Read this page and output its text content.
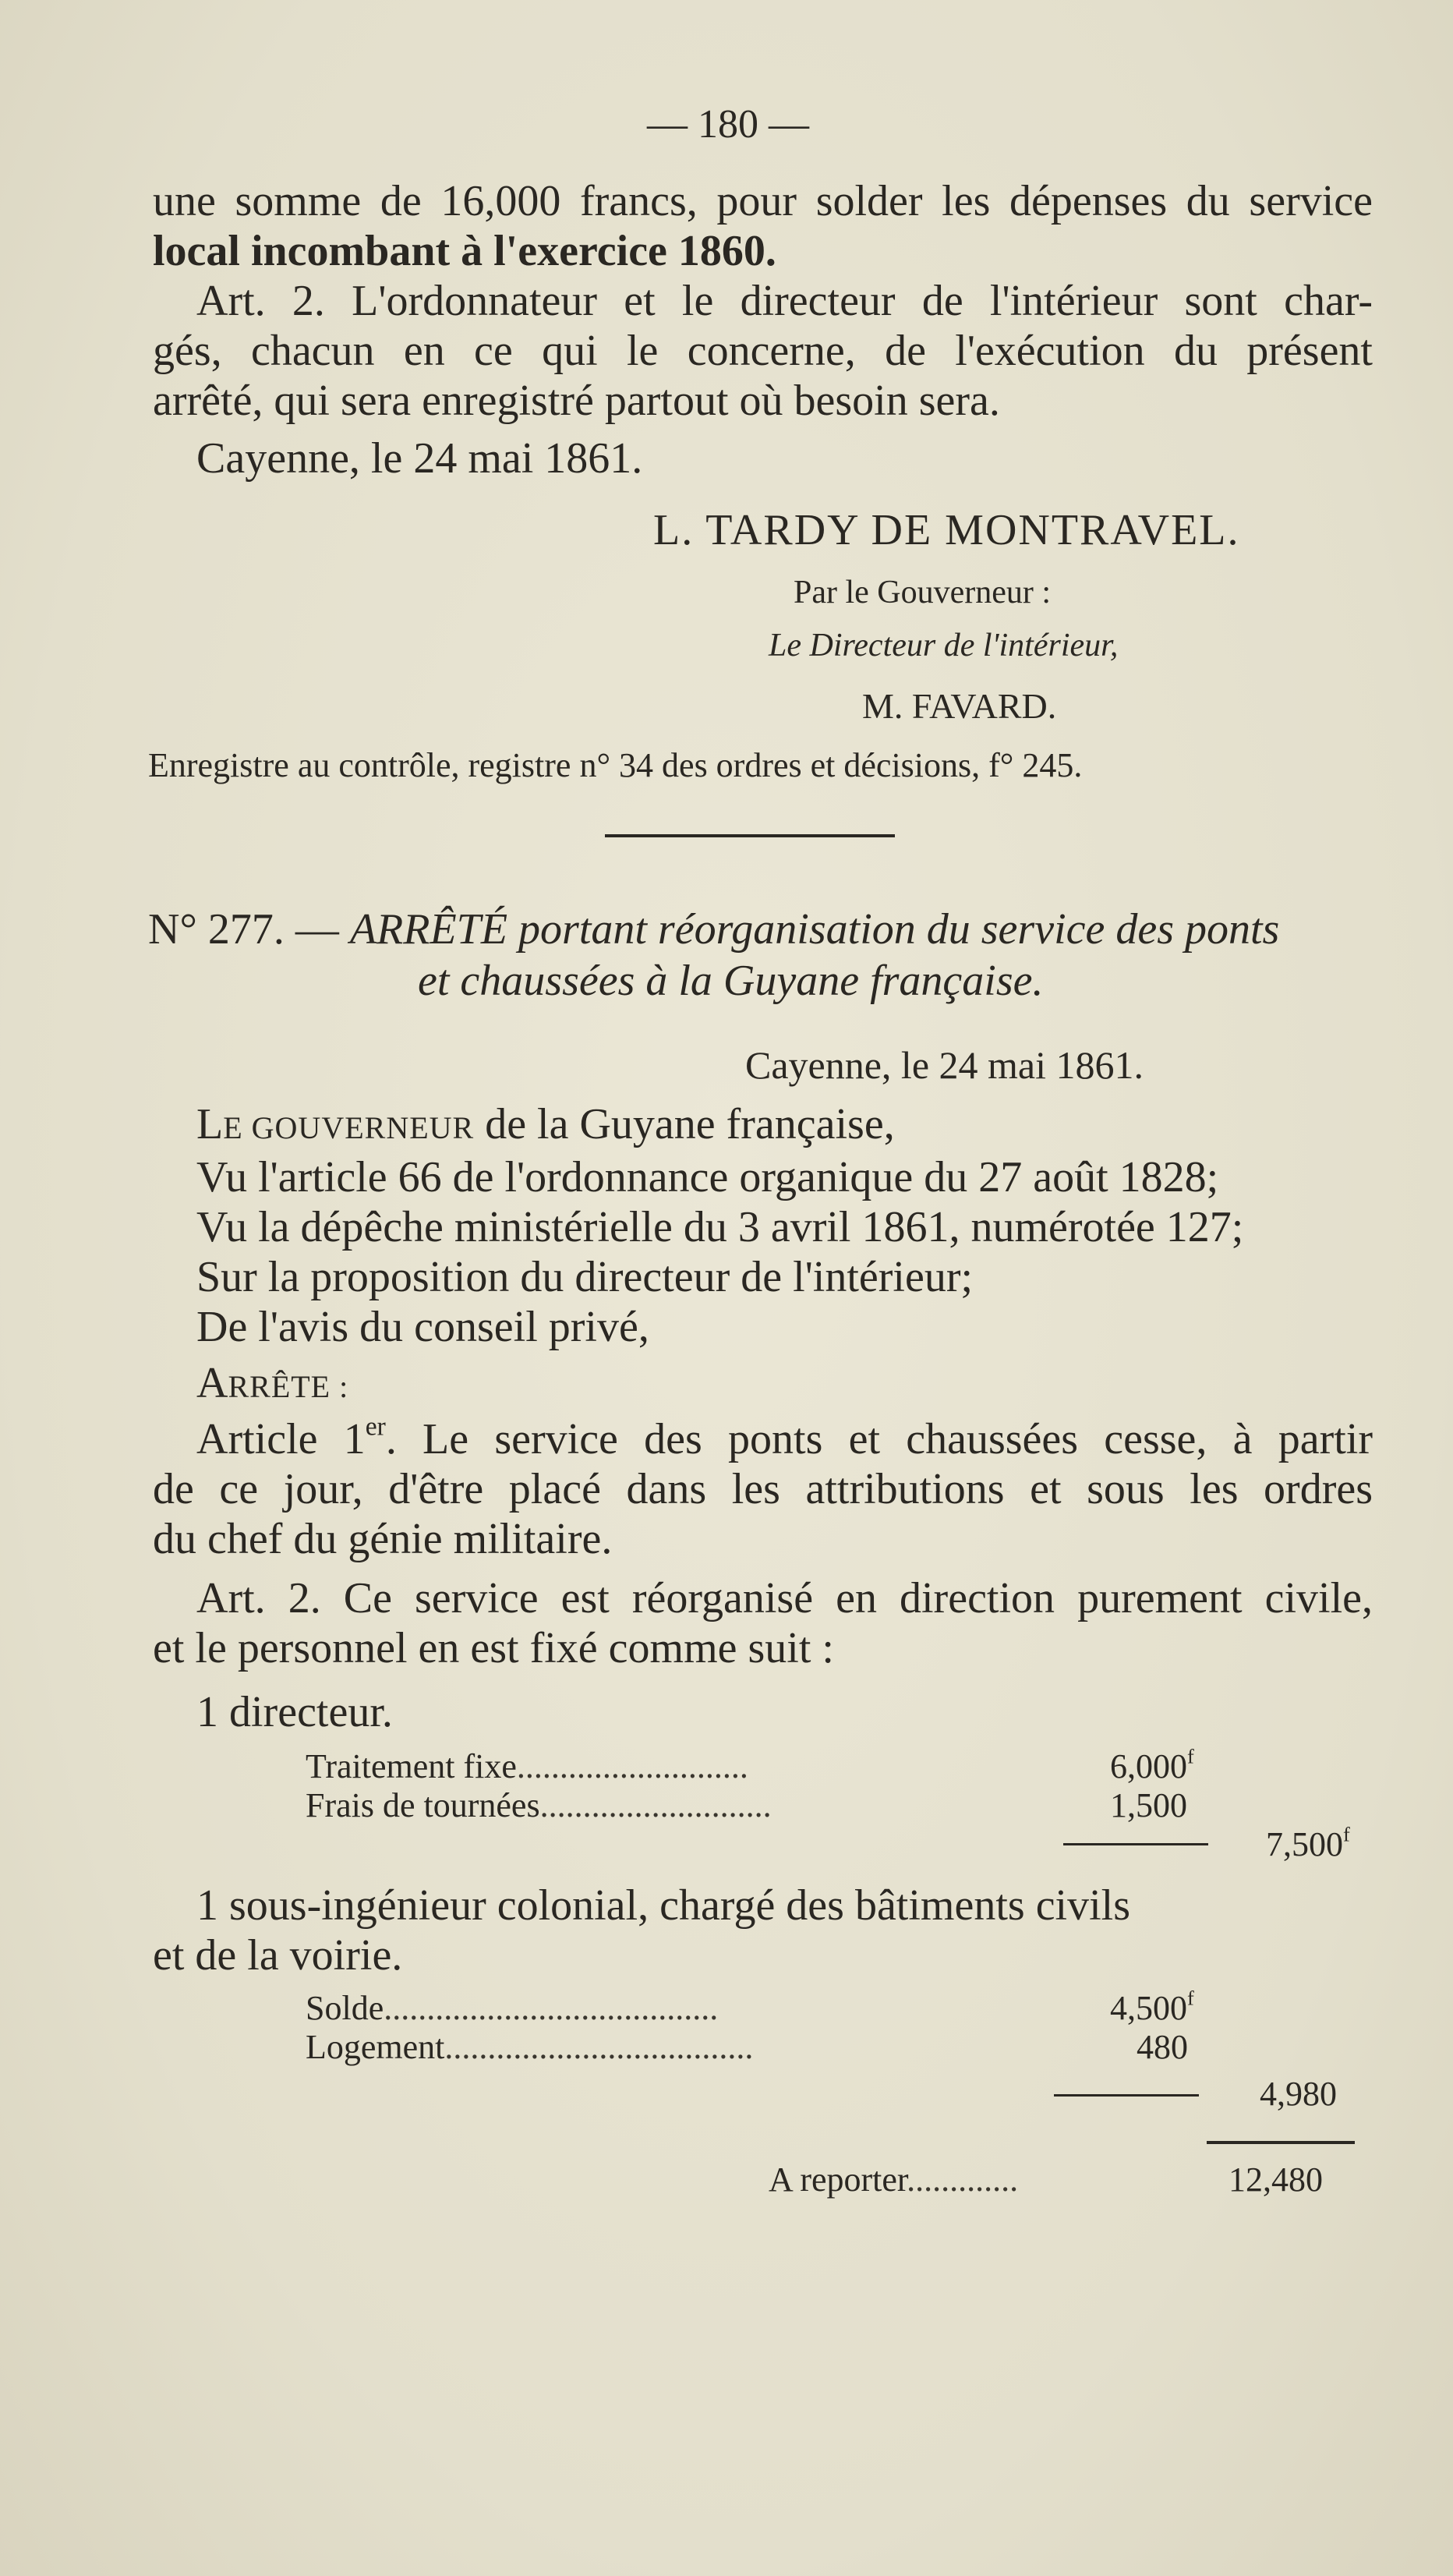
— 180 —
une somme de 16,000 francs, pour solder les dépenses du service
local incombant à l'exercice 1860.
Art. 2. L'ordonnateur et le directeur de l'intérieur sont char-
gés, chacun en ce qui le concerne, de l'exécution du présent
arrêté, qui sera enregistré partout où besoin sera.
Cayenne, le 24 mai 1861.
L. TARDY DE MONTRAVEL.
Par le Gouverneur :
Le Directeur de l'intérieur,
M. FAVARD.
Enregistre au contrôle, registre n° 34 des ordres et décisions, f° 245.
N° 277. — ARRÊTÉ portant réorganisation du service des ponts
et chaussées à la Guyane française.
Cayenne, le 24 mai 1861.
LE GOUVERNEUR de la Guyane française,
Vu l'article 66 de l'ordonnance organique du 27 août 1828;
Vu la dépêche ministérielle du 3 avril 1861, numérotée 127;
Sur la proposition du directeur de l'intérieur;
De l'avis du conseil privé,
ARRÊTE :
Article 1er. Le service des ponts et chaussées cesse, à partir
de ce jour, d'être placé dans les attributions et sous les ordres
du chef du génie militaire.
Art. 2. Ce service est réorganisé en direction purement civile,
et le personnel en est fixé comme suit :
1 directeur.
Traitement fixe...........................	6,000$^f$
Frais de tournées...........................	1,500
7,500$^f$
1 sous-ingénieur colonial, chargé des bâtiments civils
et de la voirie.
Solde.......................................	4,500$^f$
Logement....................................	480
4,980
A reporter.............	12,480
